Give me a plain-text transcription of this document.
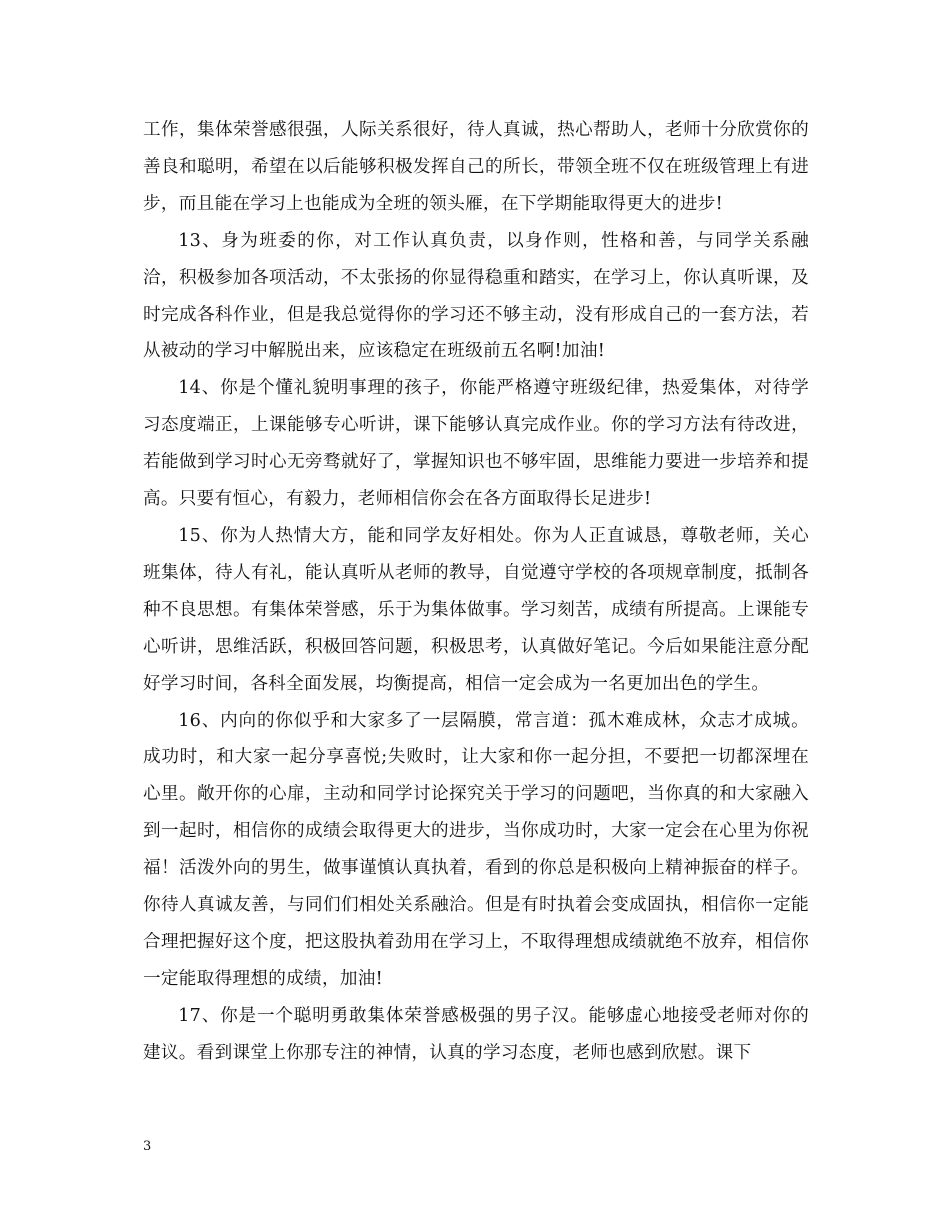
工作，集体荣誉感很强，人际关系很好，待人真诚，热心帮助人，老师十分欣赏你的善良和聪明，希望在以后能够积极发挥自己的所长，带领全班不仅在班级管理上有进步，而且能在学习上也能成为全班的领头雁，在下学期能取得更大的进步!

13、身为班委的你，对工作认真负责，以身作则，性格和善，与同学关系融洽，积极参加各项活动，不太张扬的你显得稳重和踏实，在学习上，你认真听课，及时完成各科作业，但是我总觉得你的学习还不够主动，没有形成自己的一套方法，若从被动的学习中解脱出来，应该稳定在班级前五名啊!加油!

14、你是个懂礼貌明事理的孩子，你能严格遵守班级纪律，热爱集体，对待学习态度端正，上课能够专心听讲，课下能够认真完成作业。你的学习方法有待改进，若能做到学习时心无旁骛就好了，掌握知识也不够牢固，思维能力要进一步培养和提高。只要有恒心，有毅力，老师相信你会在各方面取得长足进步!

15、你为人热情大方，能和同学友好相处。你为人正直诚恳，尊敬老师，关心班集体，待人有礼，能认真听从老师的教导，自觉遵守学校的各项规章制度，抵制各种不良思想。有集体荣誉感，乐于为集体做事。学习刻苦，成绩有所提高。上课能专心听讲，思维活跃，积极回答问题，积极思考，认真做好笔记。今后如果能注意分配好学习时间，各科全面发展，均衡提高，相信一定会成为一名更加出色的学生。

16、内向的你似乎和大家多了一层隔膜，常言道：孤木难成林，众志才成城。成功时，和大家一起分享喜悦;失败时，让大家和你一起分担，不要把一切都深埋在心里。敞开你的心扉，主动和同学讨论探究关于学习的问题吧，当你真的和大家融入到一起时，相信你的成绩会取得更大的进步，当你成功时，大家一定会在心里为你祝福！活泼外向的男生，做事谨慎认真执着，看到的你总是积极向上精神振奋的样子。你待人真诚友善，与同们们相处关系融洽。但是有时执着会变成固执，相信你一定能合理把握好这个度，把这股执着劲用在学习上，不取得理想成绩就绝不放弃，相信你一定能取得理想的成绩，加油!

17、你是一个聪明勇敢集体荣誉感极强的男子汉。能够虚心地接受老师对你的建议。看到课堂上你那专注的神情，认真的学习态度，老师也感到欣慰。课下

3
